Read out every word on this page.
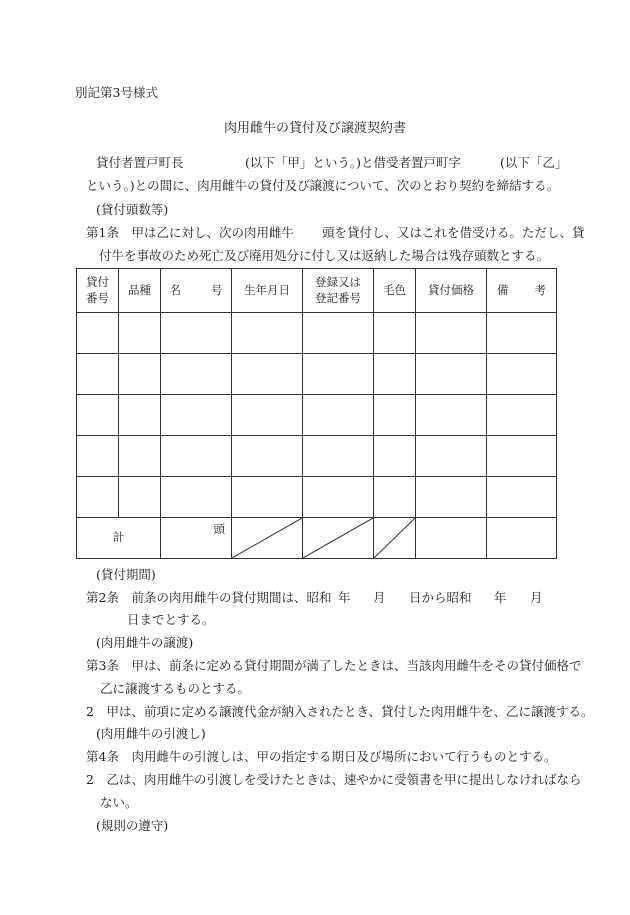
別記第3号様式
肉用雌牛の貸付及び譲渡契約書
貸付者置戸町長	(以下「甲」という。)と借受者置戸町字	(以下「乙」
という。)との間に、肉用雌牛の貸付及び譲渡について、次のとおり契約を締結する。
(貸付頭数等)
第1条　甲は乙に対し、次の肉用雌牛 頭を貸付し、又はこれを借受ける。ただし、貸
付牛を事故のため死亡及び廃用処分に付し又は返納した場合は残存頭数とする。
貸付
番号	品種	名 号	生年月日	登録又は
登記番号	毛色	貸付価格	備 考

計		頭

(貸付期間)
第2条　前条の肉用雌牛の貸付期間は、昭和 年 月 日から昭和 年 月
日までとする。
(肉用雌牛の譲渡)
第3条　甲は、前条に定める貸付期間が満了したときは、当該肉用雌牛をその貸付価格で
乙に譲渡するものとする。
2　甲は、前項に定める譲渡代金が納入されたとき、貸付した肉用雌牛を、乙に譲渡する。
(肉用雌牛の引渡し)
第4条　肉用雌牛の引渡しは、甲の指定する期日及び場所において行うものとする。
2　乙は、肉用雌牛の引渡しを受けたときは、速やかに受領書を甲に提出しなければなら
ない。
(規則の遵守)
